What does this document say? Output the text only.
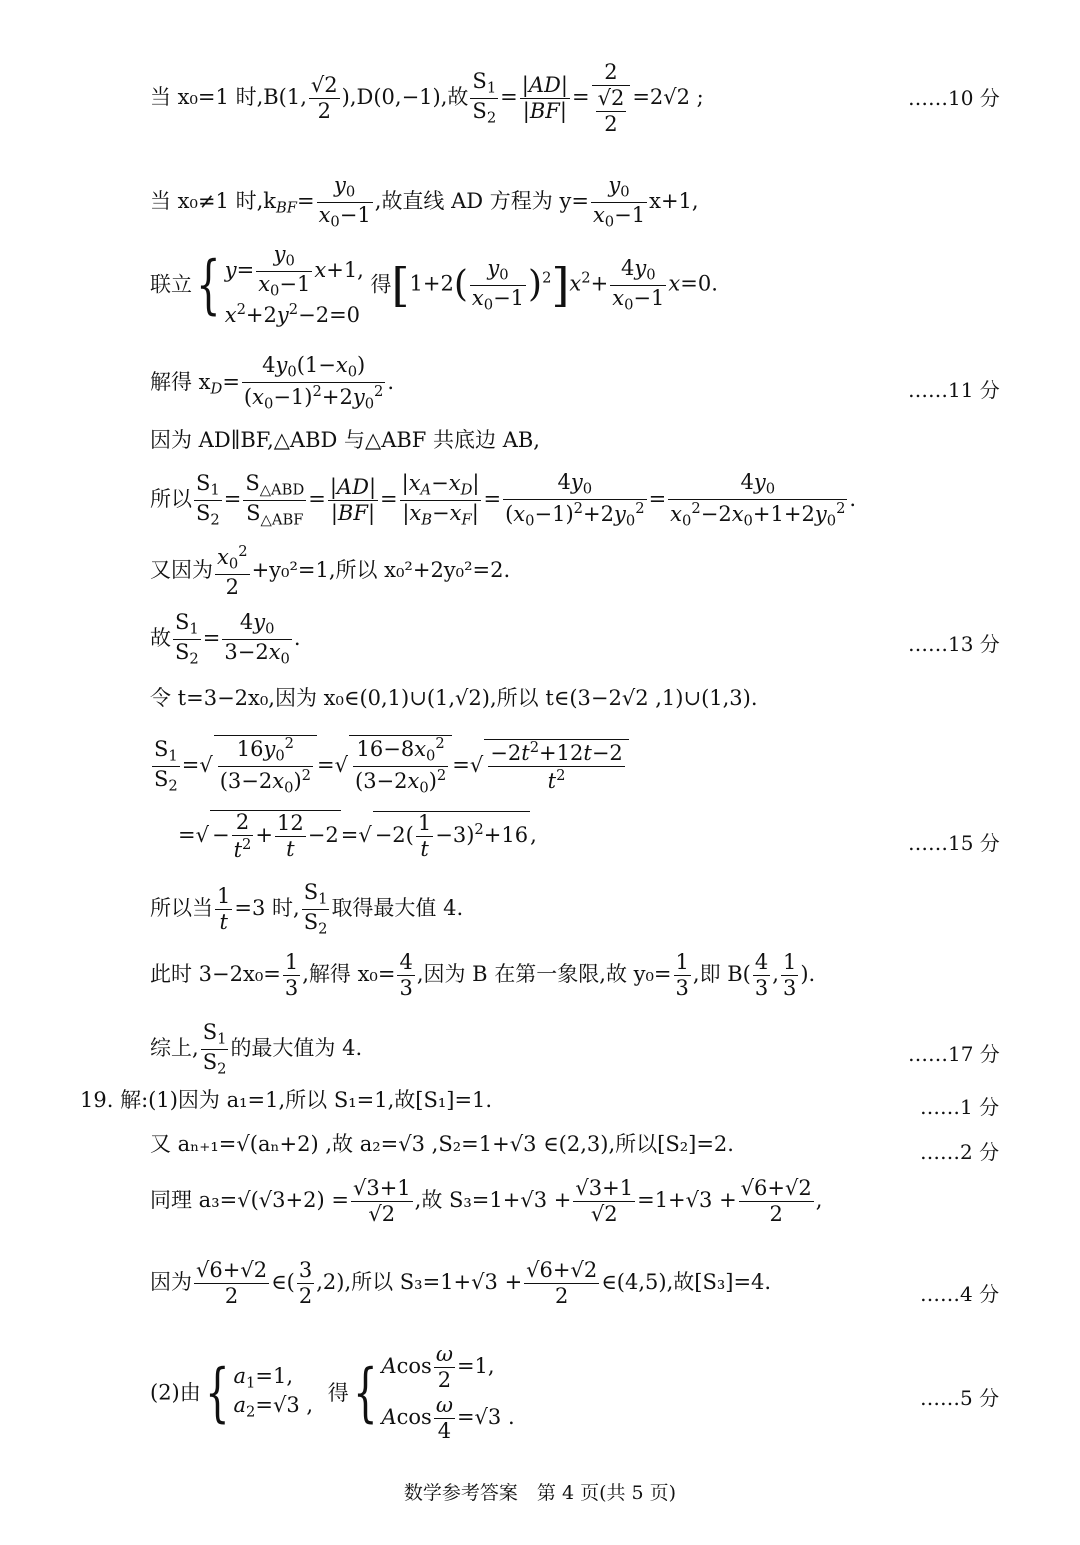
当 x₀=1 时,B(1, $\frac{√2}{2} ),D(0,-1)$,故 $\frac{S_1}{S_2} = \frac{|AD|}{|BF|} = \frac{2}{\frac{√2}{2}} =2√2$ ;	……10 分
当 x₀≠1 时$,k_{BF}= \frac{y_0}{x_0-1}$ ,故直线 AD 方程为 $y= \frac{y_0}{x_0-1} x+1$,
联立{ $y= \frac{y_0}{x_0-1} x+1$,
$x^2+2y^2-2=0$
得$[1+2( \frac{y_0}{x_0-1} )^2]x^2+ \frac{4y_0}{x_0-1} x=0$.
解得 $x_D= \frac{4y_0(1-x_0)}{(x_0-1)^2+2y_0^2}$ .	……11 分
因为 AD∥BF,△ABD 与△ABF 共底边 AB,
所以 $\frac{S_1}{S_2} = \frac{S_{\triangle ABD}}{S_{\triangle ABF}} = \frac{|AD|}{|BF|} = \frac{|x_A-x_D|}{|x_B-x_F|} = \frac{4y_0}{(x_0-1)^2+2y_0^2} = \frac{4y_0}{x_0^2-2x_0+1+2y_0^2}$ .
又因为 $\frac{x_0^2}{2} +y_0^2=1$,所以 x₀²+2y₀²=2.
故 $\frac{S_1}{S_2} = \frac{4y_0}{3-2x_0}$ .	……13 分
令 t=3−2x₀,因为 x₀∈(0,1)∪(1,√2),所以 t∈(3−2√2 ,1)∪(1,3).
$\frac{S_1}{S_2}$ =√ $\frac{16y_0^2}{(3-2x_0)^2}$ =√ $\frac{16-8x_0^2}{(3-2x_0)^2}$ =√ $\frac{-2t^2+12t-2}{t^2}$
=√ − $\frac{2}{t^2} + \frac{12}{t} -2=√ -2( \frac{1}{t} -3)^2+16$,	……15 分
所以当 $\frac{1}{t} =3$ 时, $\frac{S_1}{S_2}$ 取得最大值 4.
此时 $3-2x_0= \frac{1}{3}$ ,解得 $x_0= \frac{4}{3}$ ,因为 B 在第一象限,故 $y_0= \frac{1}{3}$ ,即 $B( \frac{4}{3}$ , $\frac{1}{3}$ ).
综上, $\frac{S_1}{S_2}$ 的最大值为 4.	……17 分
19. 解:(1)因为 a₁=1,所以 S₁=1,故[S₁]=1.	……1 分
又 aₙ₊₁=√(aₙ+2) ,故 a₂=√3 ,S₂=1+√3 ∈(2,3),所以[S₂]=2.	……2 分
同理 $a_3=√(√3+2) = \frac{√3+1}{√2}$ ,故 $S_3=1+√3 + \frac{√3+1}{√2} =1+√3 + \frac{√6+√2}{2}$ ,
因为 $\frac{√6+√2}{2}$ ∈( $\frac{3}{2} ,2$),所以 $S_3=1+√3 + \frac{√6+√2}{2}$ ∈(4,5),故[S₃]=4.	……4 分
(2)由{ $a_1=1$,
$a_2=√3$ ,
得{ Acos $\frac{\omega}{2} =1$,
Acos $\frac{\omega}{4} =√3$ .
……5 分
数学参考答案　第 4 页(共 5 页)
